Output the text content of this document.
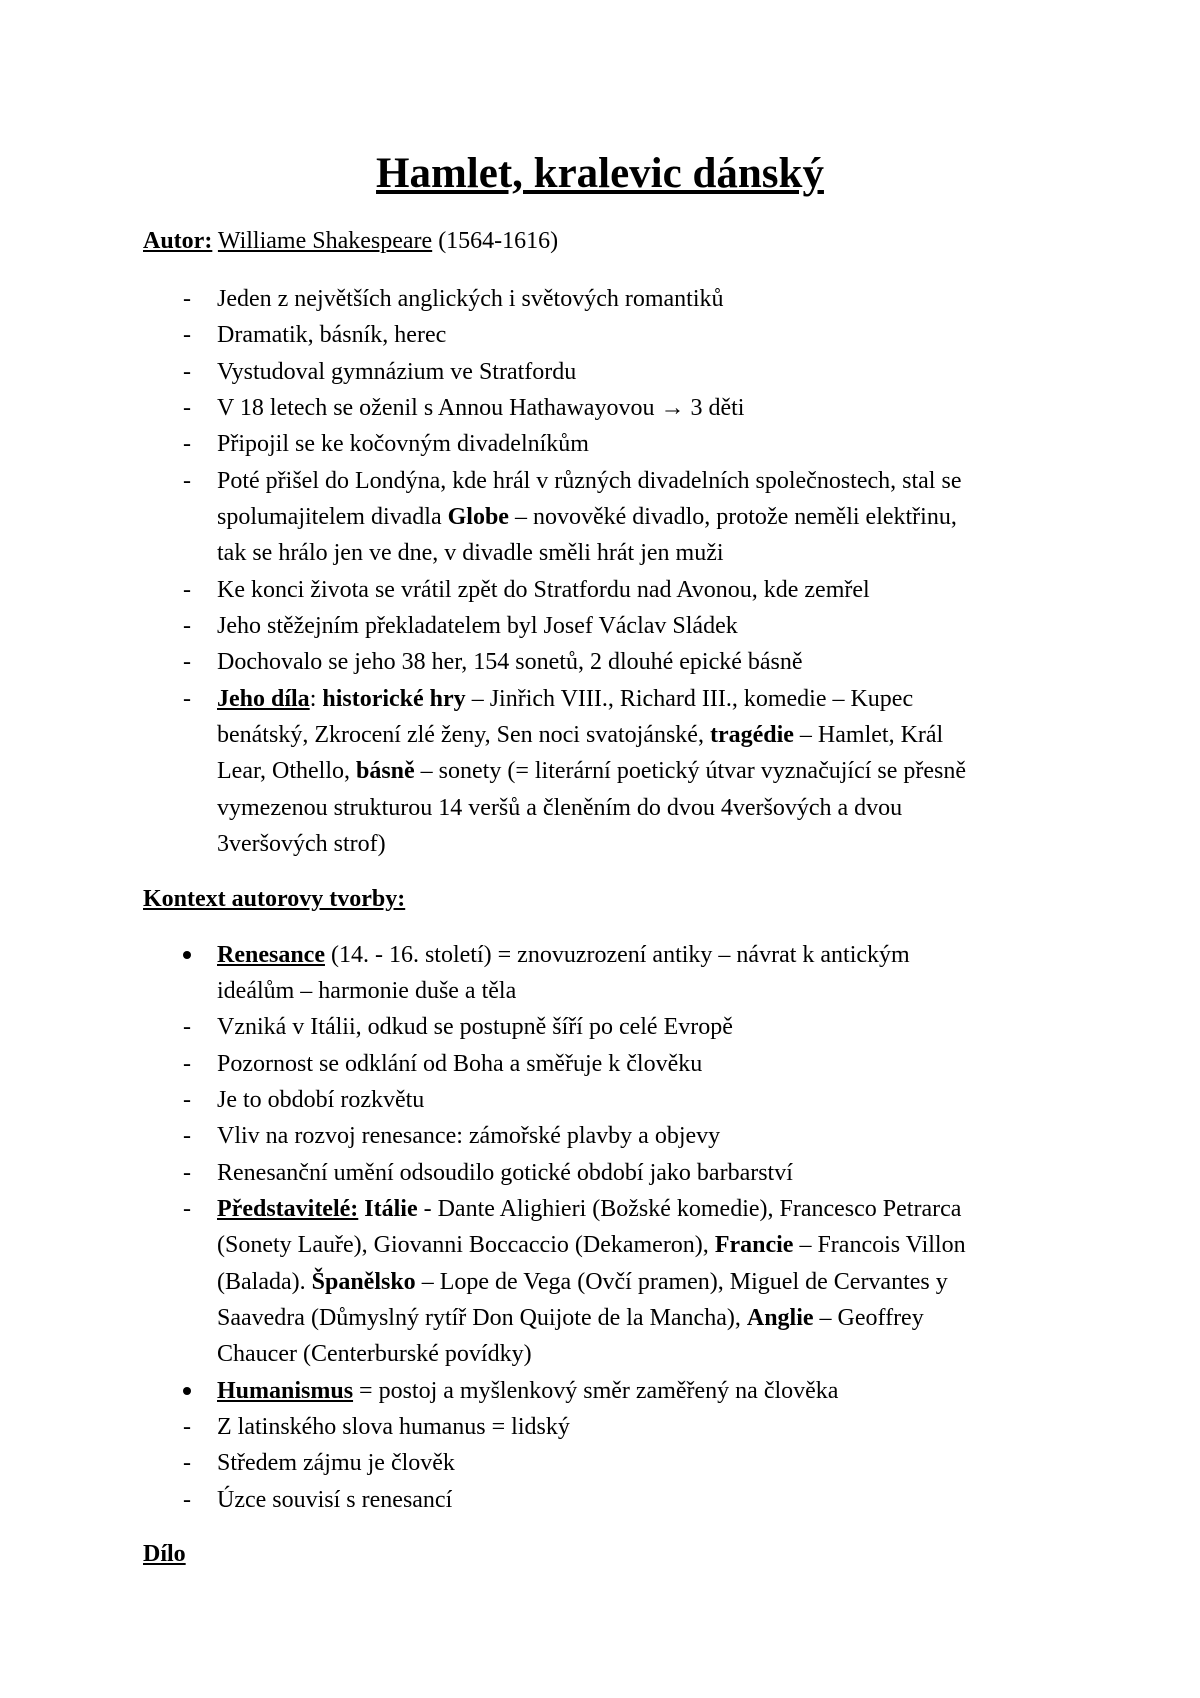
Hamlet, kralevic dánský
Autor: Williame Shakespeare (1564-1616)
- Jeden z největších anglických i světových romantiků
- Dramatik, básník, herec
- Vystudoval gymnázium ve Stratfordu
- V 18 letech se oženil s Annou Hathawayovou → 3 děti
- Připojil se ke kočovným divadelníkům
- Poté přišel do Londýna, kde hrál v různých divadelních společnostech, stal se
spolumajitelem divadla Globe – novověké divadlo, protože neměli elektřinu,
tak se hrálo jen ve dne, v divadle směli hrát jen muži
- Ke konci života se vrátil zpět do Stratfordu nad Avonou, kde zemřel
- Jeho stěžejním překladatelem byl Josef Václav Sládek
- Dochovalo se jeho 38 her, 154 sonetů, 2 dlouhé epické básně
- Jeho díla: historické hry – Jinřich VIII., Richard III., komedie – Kupec
benátský, Zkrocení zlé ženy, Sen noci svatojánské, tragédie – Hamlet, Král
Lear, Othello, básně – sonety (= literární poetický útvar vyznačující se přesně
vymezenou strukturou 14 veršů a členěním do dvou 4veršových a dvou
3veršových strof)
Kontext autorovy tvorby:
Renesance (14. - 16. století) = znovuzrození antiky – návrat k antickým
ideálům – harmonie duše a těla
- Vzniká v Itálii, odkud se postupně šíří po celé Evropě
- Pozornost se odklání od Boha a směřuje k člověku
- Je to období rozkvětu
- Vliv na rozvoj renesance: zámořské plavby a objevy
- Renesanční umění odsoudilo gotické období jako barbarství
- Představitelé: Itálie - Dante Alighieri (Božské komedie), Francesco Petrarca
(Sonety Lauře), Giovanni Boccaccio (Dekameron), Francie – Francois Villon
(Balada). Španělsko – Lope de Vega (Ovčí pramen), Miguel de Cervantes y
Saavedra (Důmyslný rytíř Don Quijote de la Mancha), Anglie – Geoffrey
Chaucer (Centerburské povídky)
Humanismus = postoj a myšlenkový směr zaměřený na člověka
- Z latinského slova humanus = lidský
- Středem zájmu je člověk
- Úzce souvisí s renesancí
Dílo
